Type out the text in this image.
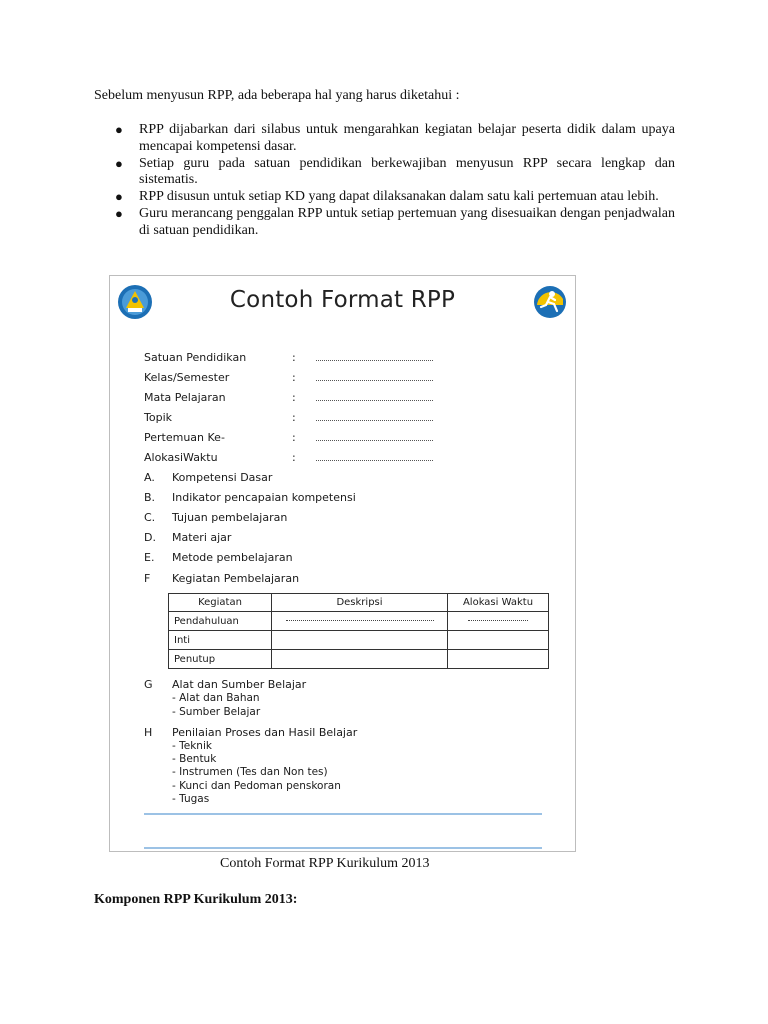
Sebelum menyusun RPP, ada beberapa hal yang harus diketahui :

● RPP dijabarkan dari silabus untuk mengarahkan kegiatan belajar peserta didik dalam upaya mencapai kompetensi dasar.
● Setiap guru pada satuan pendidikan berkewajiban menyusun RPP secara lengkap dan sistematis.
● RPP disusun untuk setiap KD yang dapat dilaksanakan dalam satu kali pertemuan atau lebih.
● Guru merancang penggalan RPP untuk setiap pertemuan yang disesuaikan dengan penjadwalan di satuan pendidikan.
Contoh Format RPP
Satuan Pendidikan	:
Kelas/Semester	:
Mata Pelajaran	:
Topik	:
Pertemuan Ke-	:
AlokasiWaktu	:
A. Kompetensi Dasar
B. Indikator pencapaian kompetensi
C. Tujuan pembelajaran
D. Materi ajar
E. Metode pembelajaran
F Kegiatan Pembelajaran
Kegiatan	Deskripsi	Alokasi Waktu
Pendahuluan		
Inti		
Penutup		
G Alat dan Sumber Belajar
- Alat dan Bahan
- Sumber Belajar
H Penilaian Proses dan Hasil Belajar
- Teknik
- Bentuk
- Instrumen (Tes dan Non tes)
- Kunci dan Pedoman penskoran
- Tugas
Contoh Format RPP Kurikulum 2013

Komponen RPP Kurikulum 2013:
